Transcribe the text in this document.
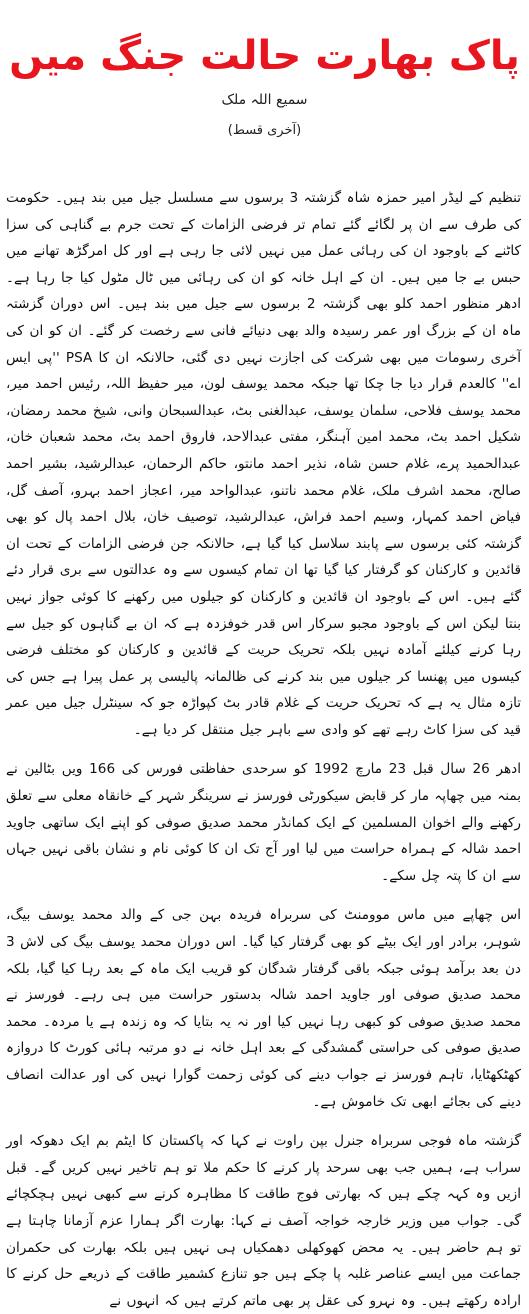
پاک بھارت حالت جنگ میں
سمیع اللہ ملک
(آخری قسط)

تنظیم کے لیڈر امیر حمزہ شاہ گزشتہ 3 برسوں سے مسلسل جیل میں بند ہیں۔ حکومت کی طرف سے ان پر لگائے گئے تمام تر فرضی الزامات کے تحت جرم بے گناہی کی سزا کاٹنے کے باوجود ان کی رہائی عمل میں نہیں لائی جا رہی ہے اور کل امرگڑھ تھانے میں حبس بے جا میں ہیں۔ ان کے اہل خانہ کو ان کی رہائی میں ٹال مٹول کیا جا رہا ہے۔ ادھر منظور احمد کلو بھی گزشتہ 2 برسوں سے جیل میں بند ہیں۔ اس دوران گزشتہ ماہ ان کے بزرگ اور عمر رسیدہ والد بھی دنیائے فانی سے رخصت کر گئے۔ ان کو ان کی آخری رسومات میں بھی شرکت کی اجازت نہیں دی گئی، حالانکہ ان کا PSA ''پی ایس اے'' کالعدم قرار دیا جا چکا تھا جبکہ محمد یوسف لون، میر حفیظ اللہ، رئیس احمد میر، محمد یوسف فلاحی، سلمان یوسف، عبدالغنی بٹ، عبدالسبحان وانی، شیخ محمد رمضان، شکیل احمد بٹ، محمد امین آہنگر، مفتی عبدالاحد، فاروق احمد بٹ، محمد شعبان خان، عبدالحمید پرے، غلام حسن شاہ، نذیر احمد مانتو، حاکم الرحمان، عبدالرشید، بشیر احمد صالح، محمد اشرف ملک، غلام محمد ناتنو، عبدالواحد میر، اعجاز احمد بہرو، آصف گل، فیاض احمد کمہار، وسیم احمد فراش، عبدالرشید، توصیف خان، بلال احمد پال کو بھی گزشتہ کئی برسوں سے پابند سلاسل کیا گیا ہے، حالانکہ جن فرضی الزامات کے تحت ان قائدین و کارکنان کو گرفتار کیا گیا تھا ان تمام کیسوں سے وہ عدالتوں سے بری قرار دئے گئے ہیں۔ اس کے باوجود ان قائدین و کارکنان کو جیلوں میں رکھنے کا کوئی جواز نہیں بنتا لیکن اس کے باوجود مجبو سرکار اس قدر خوفزدہ ہے کہ ان بے گناہوں کو جیل سے رہا کرنے کیلئے آمادہ نہیں بلکہ تحریک حریت کے قائدین و کارکنان کو مختلف فرضی کیسوں میں پھنسا کر جیلوں میں بند کرنے کی ظالمانہ پالیسی پر عمل پیرا ہے جس کی تازہ مثال یہ ہے کہ تحریک حریت کے غلام قادر بٹ کپواڑہ جو کہ سینٹرل جیل میں عمر قید کی سزا کاٹ رہے تھے کو وادی سے باہر جیل منتقل کر دیا ہے۔

ادھر 26 سال قبل 23 مارچ 1992 کو سرحدی حفاظتی فورس کی 166 ویں بٹالین نے بمنہ میں چھاپہ مار کر قابض سیکورٹی فورسز نے سرینگر شہر کے خانقاہ معلی سے تعلق رکھنے والے اخوان المسلمین کے ایک کمانڈر محمد صدیق صوفی کو اپنے ایک ساتھی جاوید احمد شالہ کے ہمراہ حراست میں لیا اور آج تک ان کا کوئی نام و نشان باقی نہیں جہاں سے ان کا پتہ چل سکے۔

اس چھاپے میں ماس موومنٹ کی سربراہ فریدہ بہن جی کے والد محمد یوسف بیگ، شوہر، برادر اور ایک بیٹے کو بھی گرفتار کیا گیا۔ اس دوران محمد یوسف بیگ کی لاش 3 دن بعد برآمد ہوئی جبکہ باقی گرفتار شدگان کو قریب ایک ماہ کے بعد رہا کیا گیا، بلکہ محمد صدیق صوفی اور جاوید احمد شالہ بدستور حراست میں ہی رہے۔ فورسز نے محمد صدیق صوفی کو کبھی رہا نہیں کیا اور نہ یہ بتایا کہ وہ زندہ ہے یا مردہ۔ محمد صدیق صوفی کی حراستی گمشدگی کے بعد اہل خانہ نے دو مرتبہ ہائی کورٹ کا دروازہ کھٹکھٹایا، تاہم فورسز نے جواب دینے کی کوئی زحمت گوارا نہیں کی اور عدالت انصاف دینے کی بجائے ابھی تک خاموش ہے۔

گزشتہ ماہ فوجی سربراہ جنرل بپن راوت نے کہا کہ پاکستان کا ایٹم بم ایک دھوکہ اور سراب ہے، ہمیں جب بھی سرحد پار کرنے کا حکم ملا تو ہم تاخیر نہیں کریں گے۔ قبل ازیں وہ کہہ چکے ہیں کہ بھارتی فوج طاقت کا مظاہرہ کرنے سے کبھی نہیں ہچکچائے گی۔ جواب میں وزیر خارجہ خواجہ آصف نے کہا: بھارت اگر ہمارا عزم آزمانا چاہتا ہے تو ہم حاضر ہیں۔ یہ محض کھوکھلی دھمکیاں ہی نہیں ہیں بلکہ بھارت کی حکمران جماعت میں ایسے عناصر غلبہ پا چکے ہیں جو تنازع کشمیر طاقت کے ذریعے حل کرنے کا ارادہ رکھتے ہیں۔ وہ نہرو کی عقل پر بھی ماتم کرتے ہیں کہ انہوں نے
